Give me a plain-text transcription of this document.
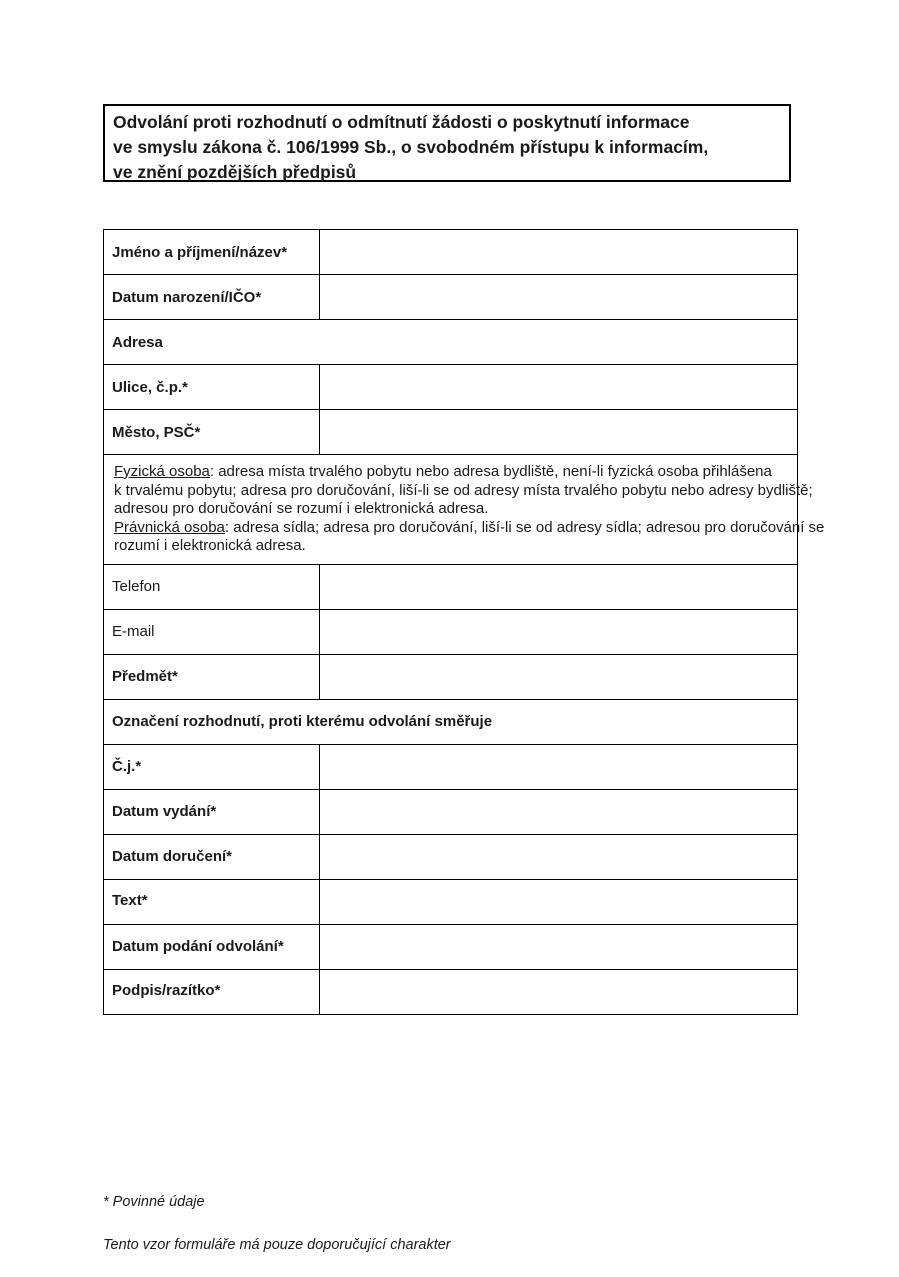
Odvolání proti rozhodnutí o odmítnutí žádosti o poskytnutí informace
ve smyslu zákona č. 106/1999 Sb., o svobodném přístupu k informacím,
ve znění pozdějších předpisů
Jméno a příjmení/název*	
Datum narození/IČO*	
Adresa	
Ulice, č.p.*	
Město, PSČ*	

Fyzická osoba: adresa místa trvalého pobytu nebo adresa bydliště, není-li fyzická osoba přihlášena
k trvalému pobytu; adresa pro doručování, liší-li se od adresy místa trvalého pobytu nebo adresy bydliště;
adresou pro doručování se rozumí i elektronická adresa.
Právnická osoba: adresa sídla; adresa pro doručování, liší-li se od adresy sídla; adresou pro doručování se
rozumí i elektronická adresa.	

Telefon	
E-mail	
Předmět*	
Označení rozhodnutí, proti kterému odvolání směřuje	
Č.j.*	
Datum vydání*	
Datum doručení*	
Text*	
Datum podání odvolání*	
Podpis/razítko*	
* Povinné údaje
Tento vzor formuláře má pouze doporučující charakter
